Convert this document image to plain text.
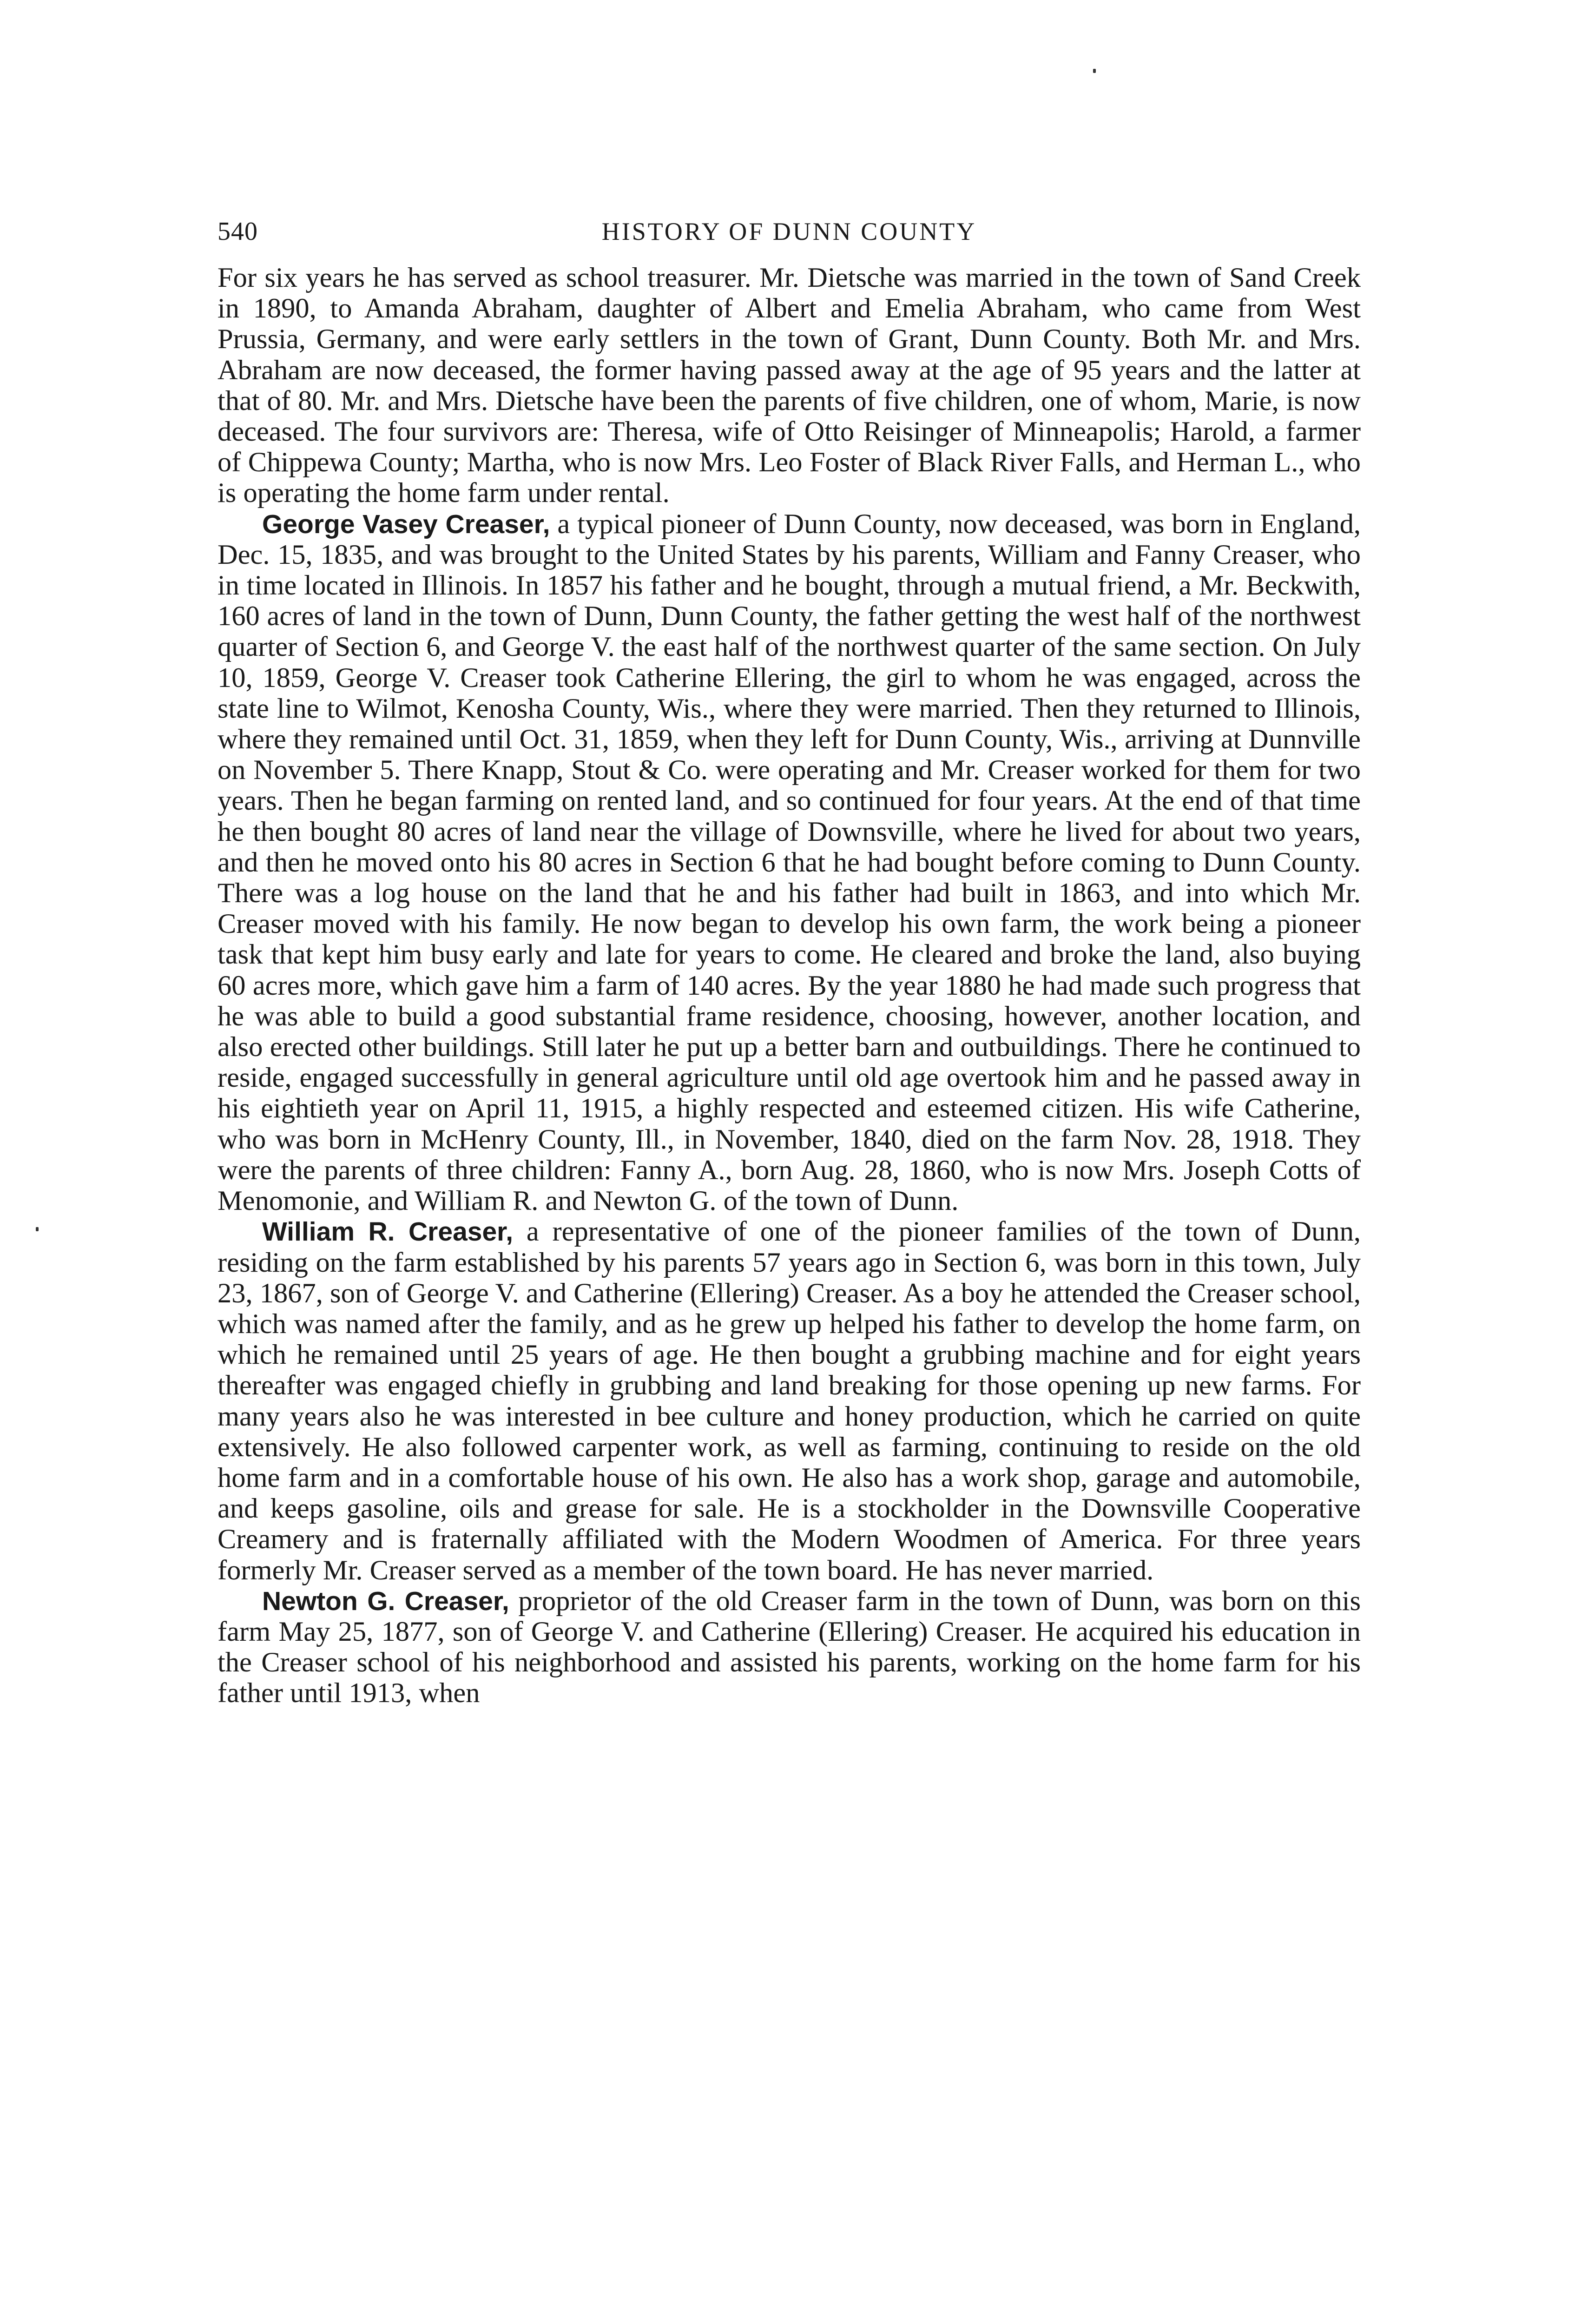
540	HISTORY OF DUNN COUNTY

For six years he has served as school treasurer. Mr. Dietsche was married in the town of Sand Creek in 1890, to Amanda Abraham, daughter of Albert and Emelia Abraham, who came from West Prussia, Germany, and were early settlers in the town of Grant, Dunn County. Both Mr. and Mrs. Abraham are now deceased, the former having passed away at the age of 95 years and the latter at that of 80. Mr. and Mrs. Dietsche have been the parents of five children, one of whom, Marie, is now deceased. The four survivors are: Theresa, wife of Otto Reisinger of Minneapolis; Harold, a farmer of Chippewa County; Martha, who is now Mrs. Leo Foster of Black River Falls, and Herman L., who is operating the home farm under rental.

George Vasey Creaser, a typical pioneer of Dunn County, now deceased, was born in England, Dec. 15, 1835, and was brought to the United States by his parents, William and Fanny Creaser, who in time located in Illinois. In 1857 his father and he bought, through a mutual friend, a Mr. Beckwith, 160 acres of land in the town of Dunn, Dunn County, the father getting the west half of the northwest quarter of Section 6, and George V. the east half of the northwest quarter of the same section. On July 10, 1859, George V. Creaser took Catherine Ellering, the girl to whom he was engaged, across the state line to Wilmot, Kenosha County, Wis., where they were married. Then they returned to Illinois, where they remained until Oct. 31, 1859, when they left for Dunn County, Wis., arriving at Dunnville on November 5. There Knapp, Stout & Co. were operating and Mr. Creaser worked for them for two years. Then he began farming on rented land, and so continued for four years. At the end of that time he then bought 80 acres of land near the village of Downsville, where he lived for about two years, and then he moved onto his 80 acres in Section 6 that he had bought before coming to Dunn County. There was a log house on the land that he and his father had built in 1863, and into which Mr. Creaser moved with his family. He now began to develop his own farm, the work being a pioneer task that kept him busy early and late for years to come. He cleared and broke the land, also buying 60 acres more, which gave him a farm of 140 acres. By the year 1880 he had made such progress that he was able to build a good substantial frame residence, choosing, however, another location, and also erected other buildings. Still later he put up a better barn and outbuildings. There he continued to reside, engaged successfully in general agriculture until old age overtook him and he passed away in his eightieth year on April 11, 1915, a highly respected and esteemed citizen. His wife Catherine, who was born in McHenry County, Ill., in November, 1840, died on the farm Nov. 28, 1918. They were the parents of three children: Fanny A., born Aug. 28, 1860, who is now Mrs. Joseph Cotts of Menomonie, and William R. and Newton G. of the town of Dunn.

William R. Creaser, a representative of one of the pioneer families of the town of Dunn, residing on the farm established by his parents 57 years ago in Section 6, was born in this town, July 23, 1867, son of George V. and Catherine (Ellering) Creaser. As a boy he attended the Creaser school, which was named after the family, and as he grew up helped his father to develop the home farm, on which he remained until 25 years of age. He then bought a grubbing machine and for eight years thereafter was engaged chiefly in grubbing and land breaking for those opening up new farms. For many years also he was interested in bee culture and honey production, which he carried on quite extensively. He also followed carpenter work, as well as farming, continuing to reside on the old home farm and in a comfortable house of his own. He also has a work shop, garage and automobile, and keeps gasoline, oils and grease for sale. He is a stockholder in the Downsville Cooperative Creamery and is fraternally affiliated with the Modern Woodmen of America. For three years formerly Mr. Creaser served as a member of the town board. He has never married.

Newton G. Creaser, proprietor of the old Creaser farm in the town of Dunn, was born on this farm May 25, 1877, son of George V. and Catherine (Ellering) Creaser. He acquired his education in the Creaser school of his neighborhood and assisted his parents, working on the home farm for his father until 1913, when
